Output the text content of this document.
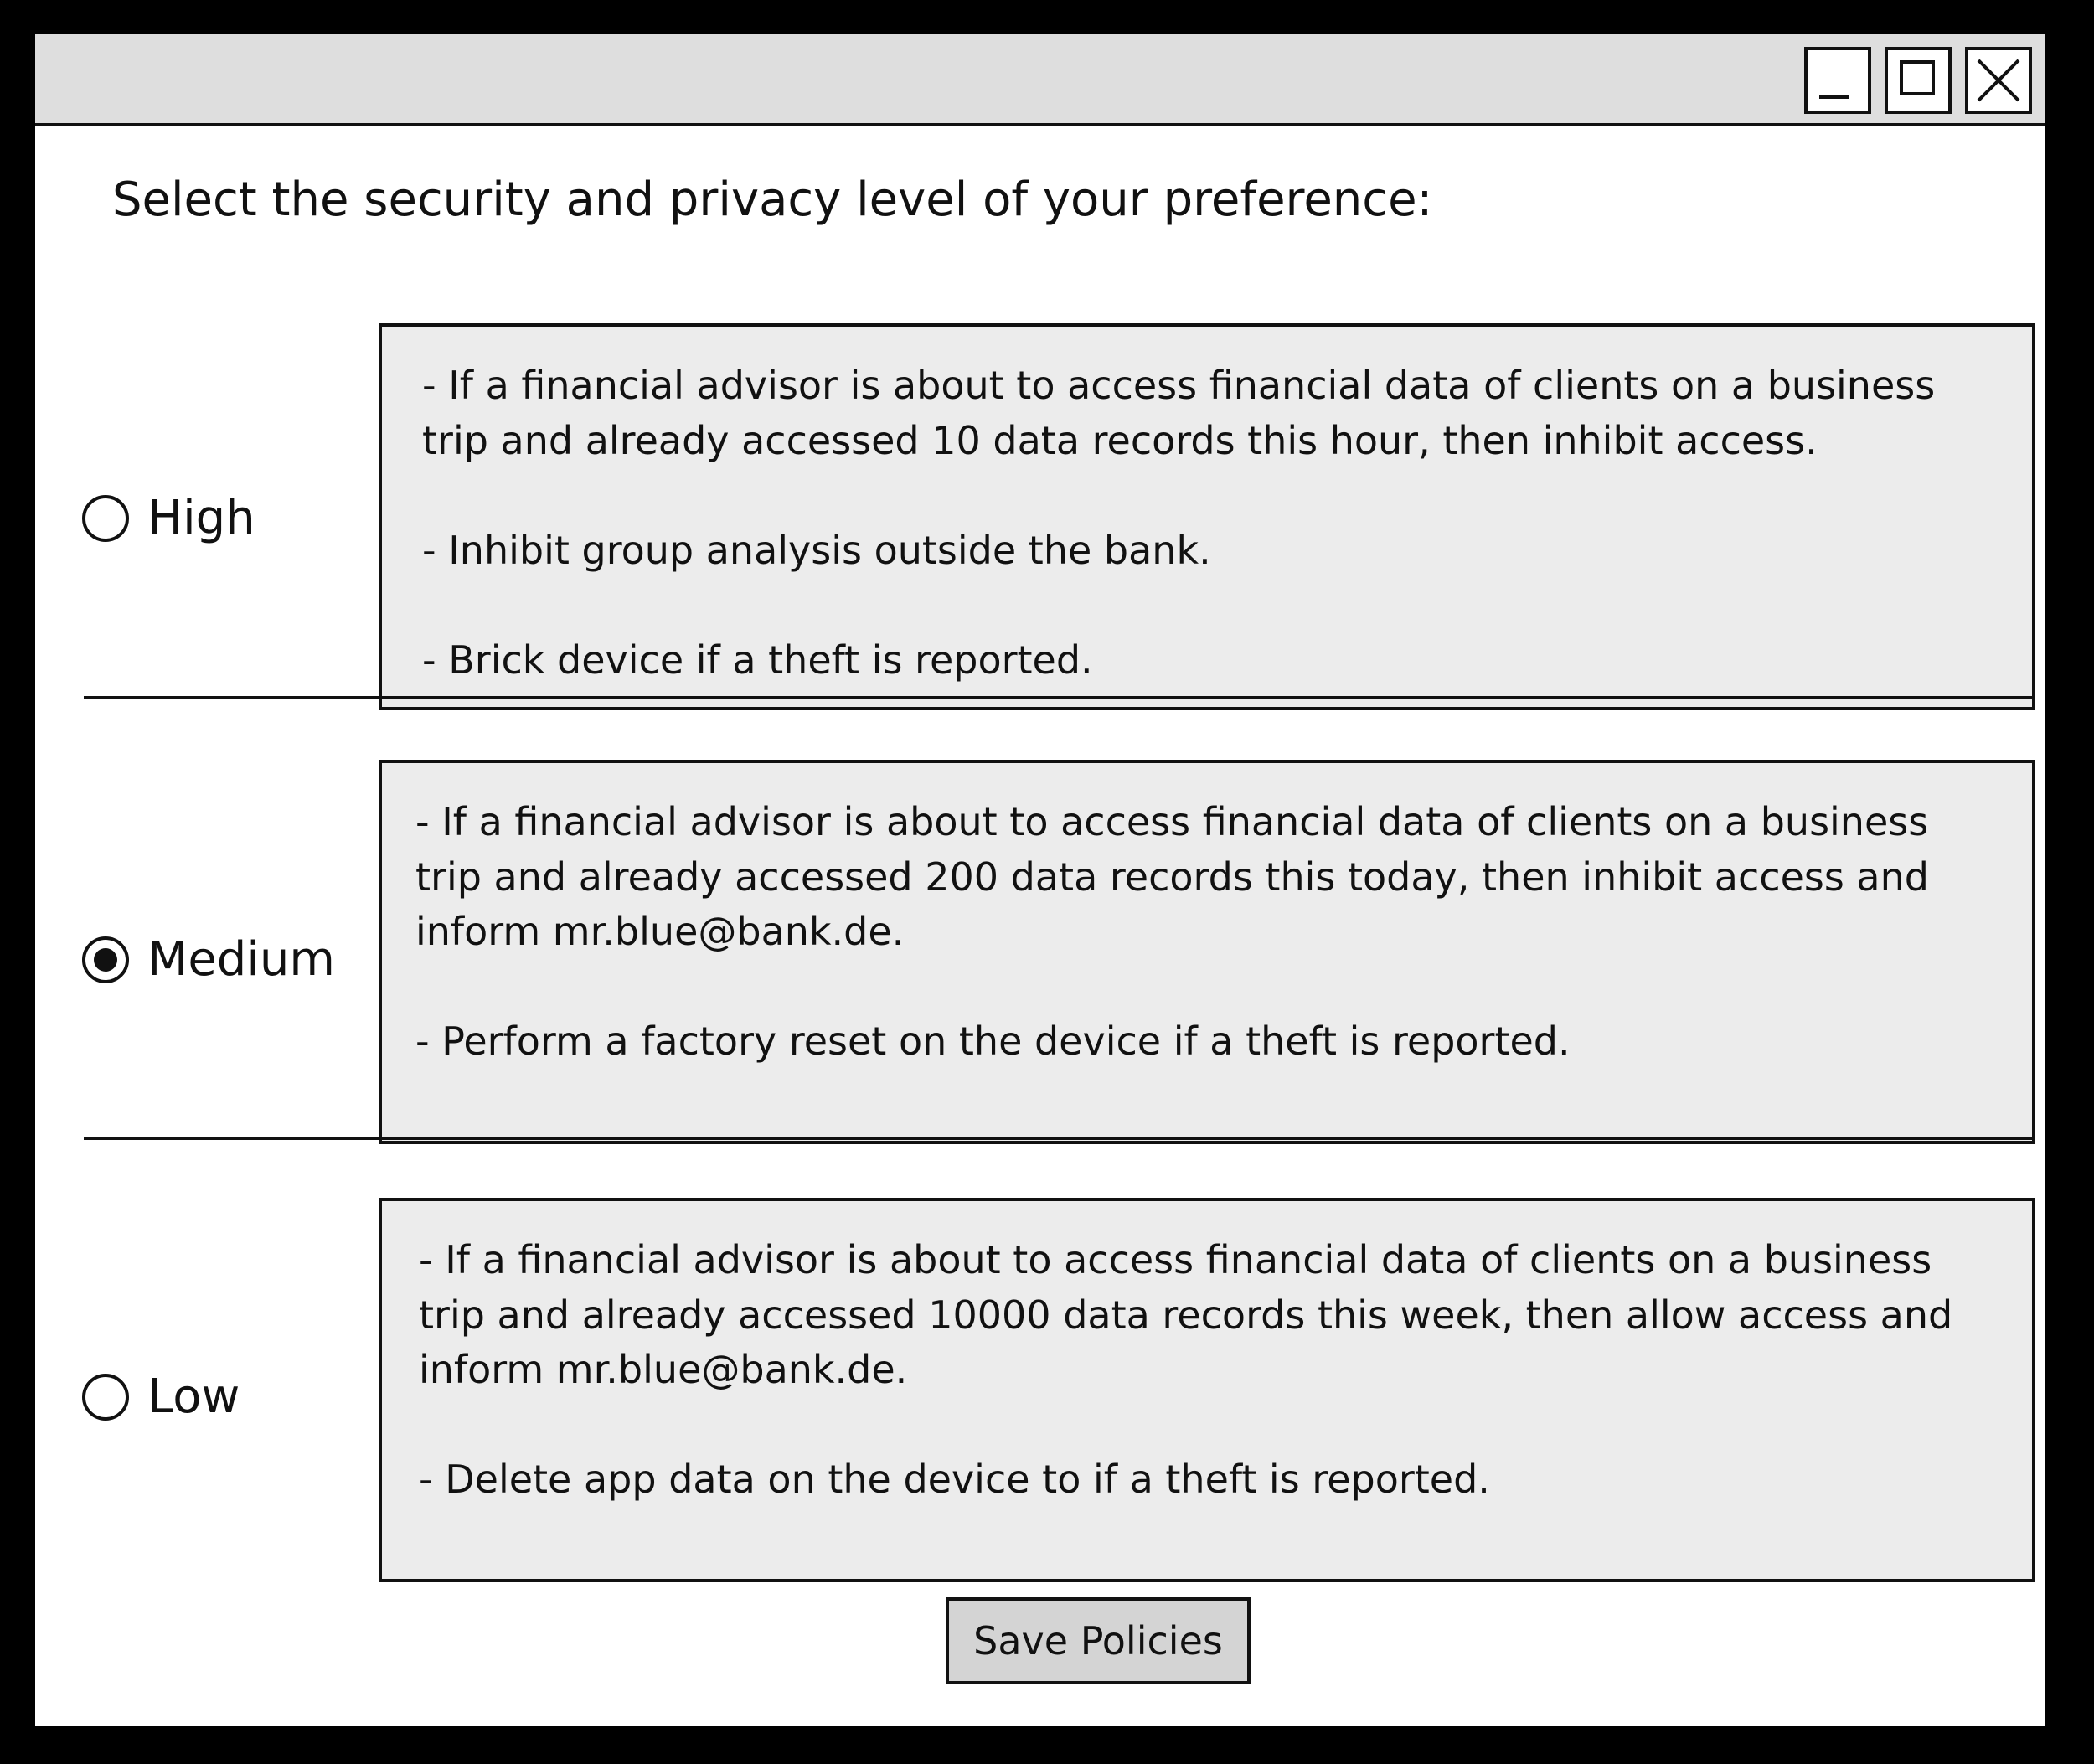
Select the security and privacy level of your preference:
High

- If a financial advisor is about to access financial data of clients on a business trip and already accessed 10 data records this hour, then inhibit access.

- Inhibit group analysis outside the bank.

- Brick device if a theft is reported.

Medium

- If a financial advisor is about to access financial data of clients on a business trip and already accessed 200 data records this today, then inhibit access and inform mr.blue@bank.de.

- Perform a factory reset on the device if a theft is reported.

Low

- If a financial advisor is about to access financial data of clients on a business trip and already accessed 10000 data records this week, then allow access and inform mr.blue@bank.de.

- Delete app data on the device to if a theft is reported.

Save Policies
